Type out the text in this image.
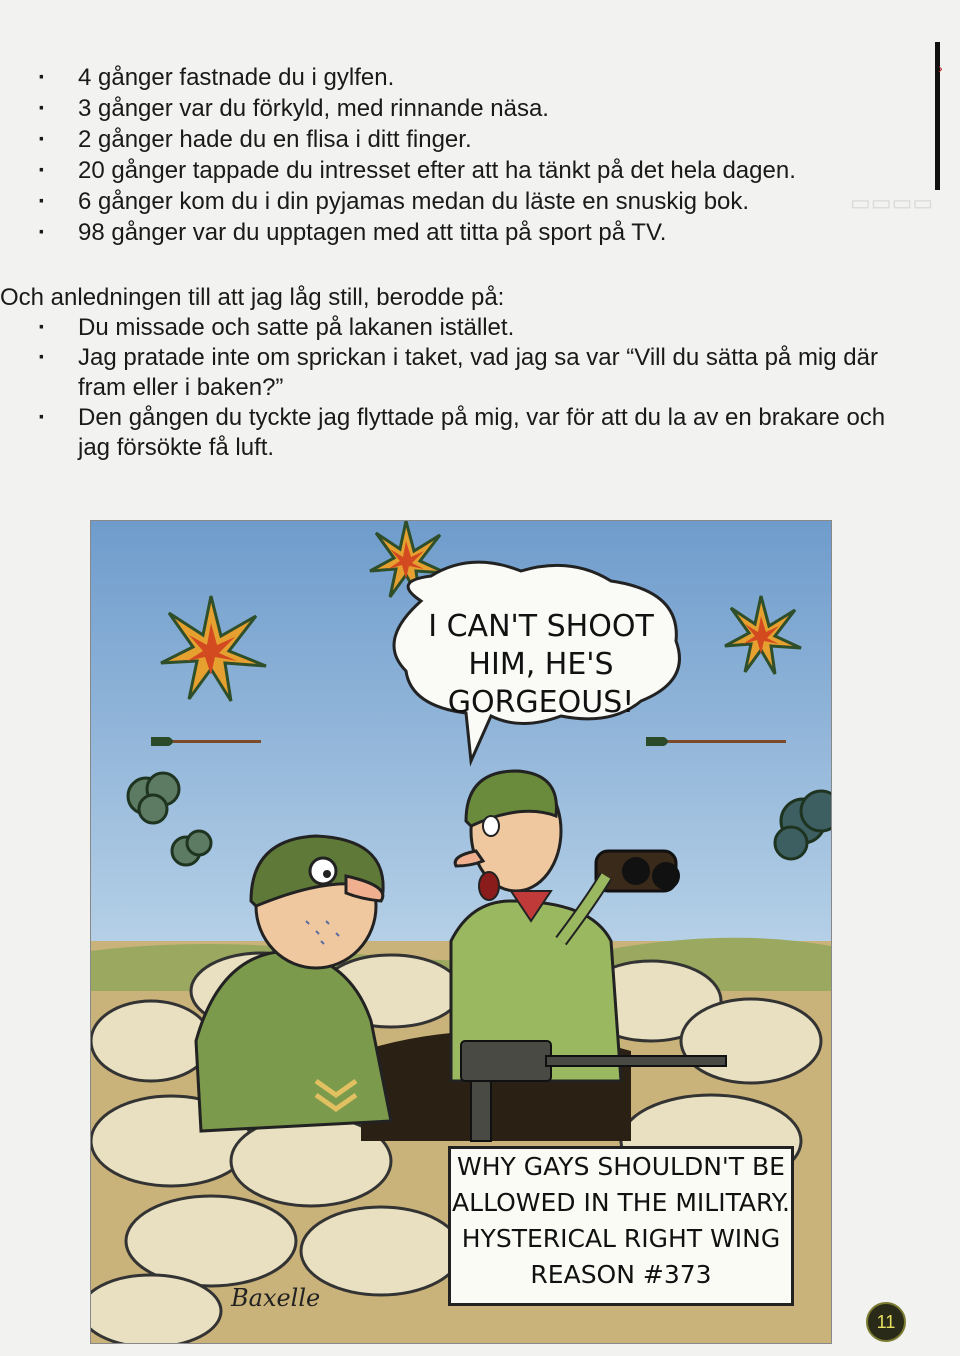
▭▭▭▭
›
· 4 gånger fastnade du i gylfen.
· 3 gånger var du förkyld, med rinnande näsa.
· 2 gånger hade du en flisa i ditt finger.
· 20 gånger tappade du intresset efter att ha tänkt på det hela dagen.
· 6 gånger kom du i din pyjamas medan du läste en snuskig bok.
· 98 gånger var du upptagen med att titta på sport på TV.

Och anledningen till att jag låg still, berodde på:

· Du missade och satte på lakanen istället.
· Jag pratade inte om sprickan i taket, vad jag sa var “Vill du sätta på mig där fram eller i baken?”
· Den gången du tyckte jag flyttade på mig, var för att du la av en brakare och jag försökte få luft.
I CAN'T SHOOT
HIM, HE'S
GORGEOUS!
Baxelle
WHY GAYS SHOULDN'T BE
ALLOWED IN THE MILITARY.
HYSTERICAL RIGHT WING
REASON #373
11
